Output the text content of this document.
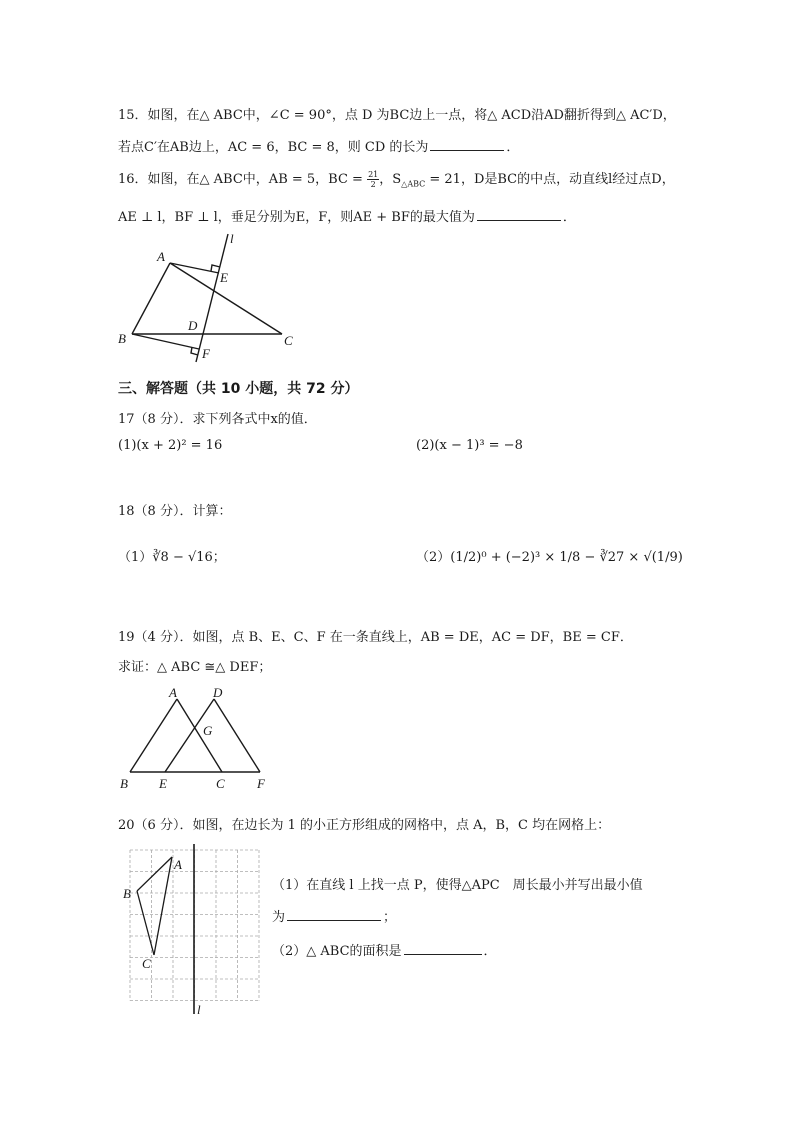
15．如图，在△ ABC中，∠C = 90°，点 D 为BC边上一点，将△ ACD沿AD翻折得到△ AC′D，
若点C′在AB边上，AC = 6，BC = 8，则 CD 的长为	．
16．如图，在△ ABC中，AB = 5，BC = $\frac{21}{2}$ ，$S_{\triangle ABC} = 21$，D是BC的中点，动直线l经过点D，
AE ⊥ l，BF ⊥ l，垂足分别为E，F，则AE + BF的最大值为	．
A
B	C
D
E
F
l
三、解答题（共 10 小题，共 72 分）
17（8 分）．求下列各式中x的值．
(1)(x + 2)² = 16	(2)(x − 1)³ = −8
18（8 分）．计算：
（1）∛8 − √16；	（2）(1/2)⁰ + (−2)³ × 1/8 − ∛27 × √(1/9)
19（4 分）．如图，点 B、E、C、F 在一条直线上，AB = DE，AC = DF，BE = CF．
求证：△ ABC ≅△ DEF；
A	D
G
B E	C F
20（6 分）．如图，在边长为 1 的小正方形组成的网格中，点 A，B，C 均在网格上：
A
B
C
l
（1）在直线 l 上找一点 P，使得△APC　周长最小并写出最小值
为	；
（2）△ ABC的面积是	．
